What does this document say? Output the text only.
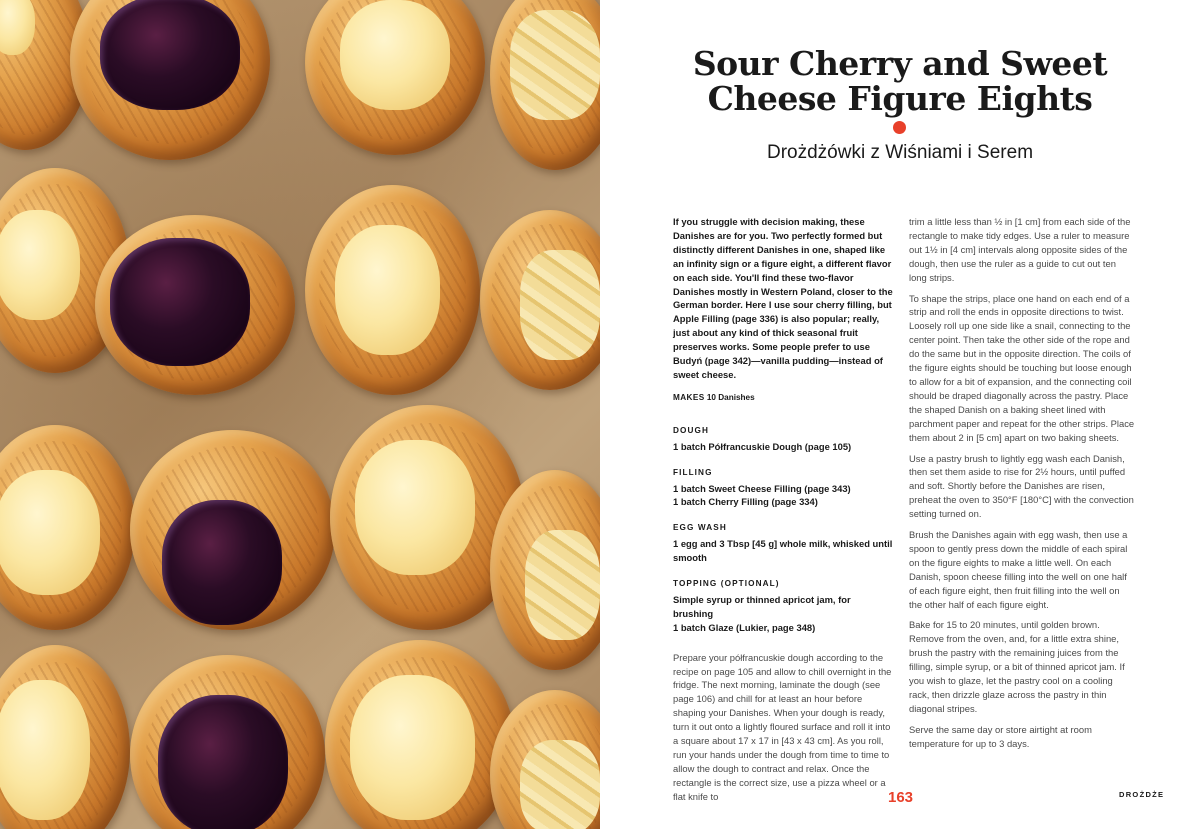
Sour Cherry and Sweet
Cheese Figure Eights
Drożdżówki z Wiśniami i Serem

If you struggle with decision making, these Danishes are for you. Two perfectly formed but distinctly different Danishes in one, shaped like an infinity sign or a figure eight, a different flavor on each side. You'll find these two-flavor Danishes mostly in Western Poland, closer to the German border. Here I use sour cherry filling, but Apple Filling (page 336) is also popular; really, just about any kind of thick seasonal fruit preserves works. Some people prefer to use Budyń (page 342)—vanilla pudding—instead of sweet cheese.

MAKES 10 Danishes

DOUGH

1 batch Półfrancuskie Dough (page 105)

FILLING

1 batch Sweet Cheese Filling (page 343)

1 batch Cherry Filling (page 334)

EGG WASH

1 egg and 3 Tbsp [45 g] whole milk, whisked until smooth

TOPPING (OPTIONAL)

Simple syrup or thinned apricot jam, for brushing

1 batch Glaze (Lukier, page 348)

Prepare your półfrancuskie dough according to the recipe on page 105 and allow to chill overnight in the fridge. The next morning, laminate the dough (see page 106) and chill for at least an hour before shaping your Danishes. When your dough is ready, turn it out onto a lightly floured surface and roll it into a square about 17 x 17 in [43 x 43 cm]. As you roll, run your hands under the dough from time to time to allow the dough to contract and relax. Once the rectangle is the correct size, use a pizza wheel or a flat knife to

trim a little less than ½ in [1 cm] from each side of the rectangle to make tidy edges. Use a ruler to measure out 1½ in [4 cm] intervals along opposite sides of the dough, then use the ruler as a guide to cut out ten long strips.

To shape the strips, place one hand on each end of a strip and roll the ends in opposite directions to twist. Loosely roll up one side like a snail, connecting to the center point. Then take the other side of the rope and do the same but in the opposite direction. The coils of the figure eights should be touching but loose enough to allow for a bit of expansion, and the connecting coil should be draped diagonally across the pastry. Place the shaped Danish on a baking sheet lined with parchment paper and repeat for the other strips. Place them about 2 in [5 cm] apart on two baking sheets.

Use a pastry brush to lightly egg wash each Danish, then set them aside to rise for 2½ hours, until puffed and soft. Shortly before the Danishes are risen, preheat the oven to 350°F [180°C] with the convection setting turned on.

Brush the Danishes again with egg wash, then use a spoon to gently press down the middle of each spiral on the figure eights to make a little well. On each Danish, spoon cheese filling into the well on one half of each figure eight, then fruit filling into the well on the other half of each figure eight.

Bake for 15 to 20 minutes, until golden brown. Remove from the oven, and, for a little extra shine, brush the pastry with the remaining juices from the filling, simple syrup, or a bit of thinned apricot jam. If you wish to glaze, let the pastry cool on a cooling rack, then drizzle glaze across the pastry in thin diagonal stripes.

Serve the same day or store airtight at room temperature for up to 3 days.

163	DROŻDŻE
